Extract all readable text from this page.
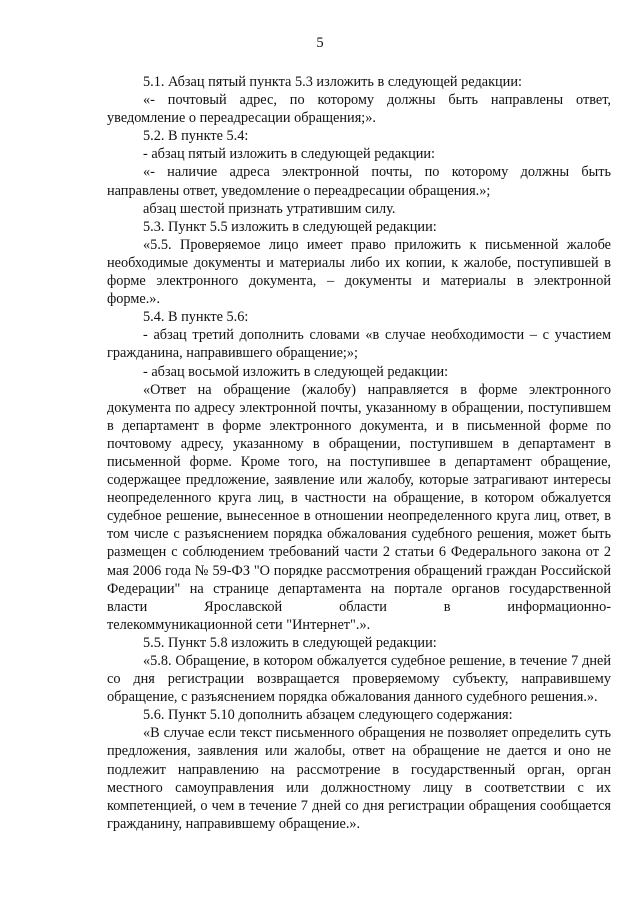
5

5.1. Абзац пятый пункта 5.3 изложить в следующей редакции:

«- почтовый адрес, по которому должны быть направлены ответ, уведомление о переадресации обращения;».

5.2. В пункте 5.4:

- абзац пятый изложить в следующей редакции:

«- наличие адреса электронной почты, по которому должны быть направлены ответ, уведомление о переадресации обращения.»;

абзац шестой признать утратившим силу.

5.3. Пункт 5.5 изложить в следующей редакции:

«5.5. Проверяемое лицо имеет право приложить к письменной жалобе необходимые документы и материалы либо их копии, к жалобе, поступившей в форме электронного документа, – документы и материалы в электронной форме.».

5.4. В пункте 5.6:

- абзац третий дополнить словами «в случае необходимости – с участием гражданина, направившего обращение;»;

- абзац восьмой изложить в следующей редакции:

«Ответ на обращение (жалобу) направляется в форме электронного документа по адресу электронной почты, указанному в обращении, поступившем в департамент в форме электронного документа, и в письменной форме по почтовому адресу, указанному в обращении, поступившем в департамент в письменной форме. Кроме того, на поступившее в департамент обращение, содержащее предложение, заявление или жалобу, которые затрагивают интересы неопределенного круга лиц, в частности на обращение, в котором обжалуется судебное решение, вынесенное в отношении неопределенного круга лиц, ответ, в том числе с разъяснением порядка обжалования судебного решения, может быть размещен с соблюдением требований части 2 статьи 6 Федерального закона от 2 мая 2006 года № 59-ФЗ "О порядке рассмотрения обращений граждан Российской Федерации" на странице департамента на портале органов государственной власти Ярославской области в информационно-

телекоммуникационной сети "Интернет".».

5.5. Пункт 5.8 изложить в следующей редакции:

«5.8. Обращение, в котором обжалуется судебное решение, в течение 7 дней со дня регистрации возвращается проверяемому субъекту, направившему обращение, с разъяснением порядка обжалования данного судебного решения.».

5.6. Пункт 5.10 дополнить абзацем следующего содержания:

«В случае если текст письменного обращения не позволяет определить суть предложения, заявления или жалобы, ответ на обращение не дается и оно не подлежит направлению на рассмотрение в государственный орган, орган местного самоуправления или должностному лицу в соответствии с их компетенцией, о чем в течение 7 дней со дня регистрации обращения сообщается гражданину, направившему обращение.».
